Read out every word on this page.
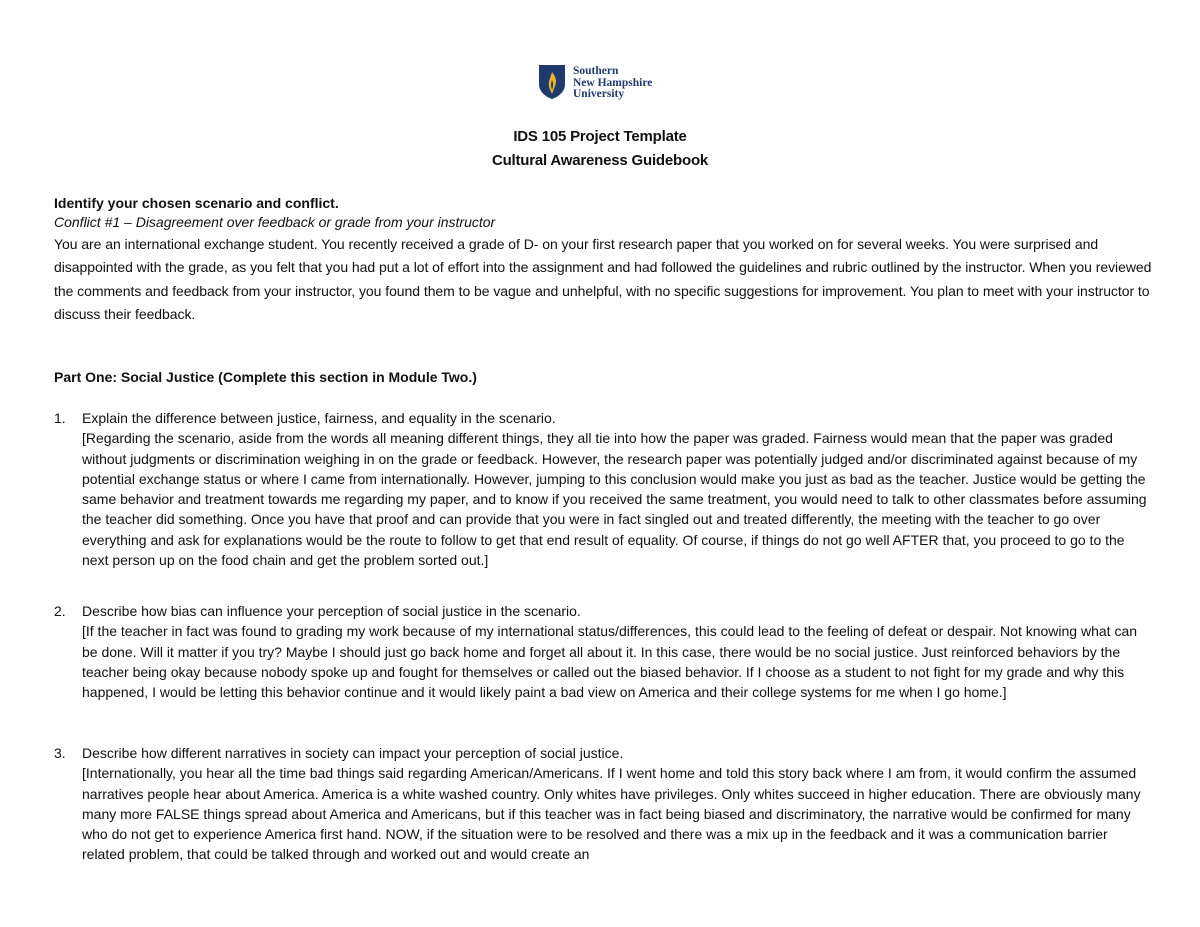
Southern
New Hampshire
University
IDS 105 Project Template
Cultural Awareness Guidebook
Identify your chosen scenario and conflict.
Conflict #1 – Disagreement over feedback or grade from your instructor
You are an international exchange student. You recently received a grade of D- on your first research paper that you worked on for several weeks. You were surprised and disappointed with the grade, as you felt that you had put a lot of effort into the assignment and had followed the guidelines and rubric outlined by the instructor. When you reviewed the comments and feedback from your instructor, you found them to be vague and unhelpful, with no specific suggestions for improvement. You plan to meet with your instructor to discuss their feedback.
Part One: Social Justice (Complete this section in Module Two.)
1. Explain the difference between justice, fairness, and equality in the scenario.
[Regarding the scenario, aside from the words all meaning different things, they all tie into how the paper was graded. Fairness would mean that the paper was graded without judgments or discrimination weighing in on the grade or feedback. However, the research paper was potentially judged and/or discriminated against because of my potential exchange status or where I came from internationally. However, jumping to this conclusion would make you just as bad as the teacher. Justice would be getting the same behavior and treatment towards me regarding my paper, and to know if you received the same treatment, you would need to talk to other classmates before assuming the teacher did something. Once you have that proof and can provide that you were in fact singled out and treated differently, the meeting with the teacher to go over everything and ask for explanations would be the route to follow to get that end result of equality. Of course, if things do not go well AFTER that, you proceed to go to the next person up on the food chain and get the problem sorted out.]
2. Describe how bias can influence your perception of social justice in the scenario.
[If the teacher in fact was found to grading my work because of my international status/differences, this could lead to the feeling of defeat or despair. Not knowing what can be done. Will it matter if you try? Maybe I should just go back home and forget all about it. In this case, there would be no social justice. Just reinforced behaviors by the teacher being okay because nobody spoke up and fought for themselves or called out the biased behavior. If I choose as a student to not fight for my grade and why this happened, I would be letting this behavior continue and it would likely paint a bad view on America and their college systems for me when I go home.]
3. Describe how different narratives in society can impact your perception of social justice.
[Internationally, you hear all the time bad things said regarding American/Americans. If I went home and told this story back where I am from, it would confirm the assumed narratives people hear about America. America is a white washed country. Only whites have privileges. Only whites succeed in higher education. There are obviously many many more FALSE things spread about America and Americans, but if this teacher was in fact being biased and discriminatory, the narrative would be confirmed for many who do not get to experience America first hand. NOW, if the situation were to be resolved and there was a mix up in the feedback and it was a communication barrier related problem, that could be talked through and worked out and would create an
